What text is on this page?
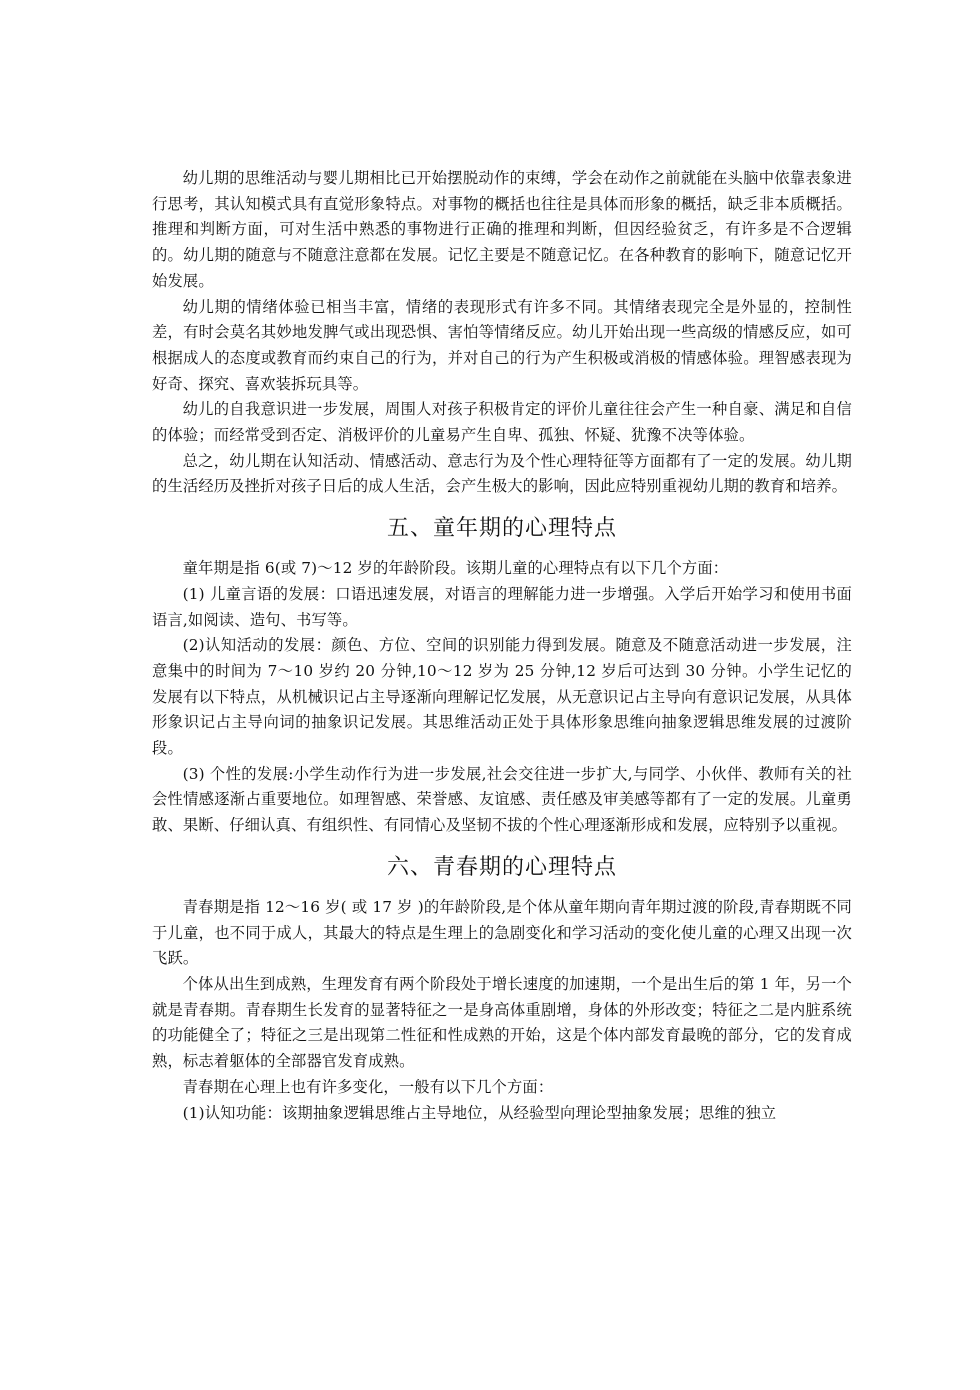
幼儿期的思维活动与婴儿期相比已开始摆脱动作的束缚，学会在动作之前就能在头脑中依靠表象进行思考，其认知模式具有直觉形象特点。对事物的概括也往往是具体而形象的概括，缺乏非本质概括。推理和判断方面，可对生活中熟悉的事物进行正确的推理和判断，但因经验贫乏，有许多是不合逻辑的。幼儿期的随意与不随意注意都在发展。记忆主要是不随意记忆。在各种教育的影响下，随意记忆开始发展。

幼儿期的情绪体验已相当丰富，情绪的表现形式有许多不同。其情绪表现完全是外显的，控制性差，有时会莫名其妙地发脾气或出现恐惧、害怕等情绪反应。幼儿开始出现一些高级的情感反应，如可根据成人的态度或教育而约束自己的行为，并对自己的行为产生积极或消极的情感体验。理智感表现为好奇、探究、喜欢装拆玩具等。

幼儿的自我意识进一步发展，周围人对孩子积极肯定的评价儿童往往会产生一种自豪、满足和自信的体验；而经常受到否定、消极评价的儿童易产生自卑、孤独、怀疑、犹豫不决等体验。

总之，幼儿期在认知活动、情感活动、意志行为及个性心理特征等方面都有了一定的发展。幼儿期的生活经历及挫折对孩子日后的成人生活，会产生极大的影响，因此应特别重视幼儿期的教育和培养。

五、童年期的心理特点

童年期是指 6(或 7)～12 岁的年龄阶段。该期儿童的心理特点有以下几个方面：

(1) 儿童言语的发展：口语迅速发展，对语言的理解能力进一步增强。入学后开始学习和使用书面语言,如阅读、造句、书写等。

(2)认知活动的发展：颜色、方位、空间的识别能力得到发展。随意及不随意活动进一步发展，注意集中的时间为 7～10 岁约 20 分钟,10～12 岁为 25 分钟,12 岁后可达到 30 分钟。小学生记忆的发展有以下特点，从机械识记占主导逐渐向理解记忆发展，从无意识记占主导向有意识记发展，从具体形象识记占主导向词的抽象识记发展。其思维活动正处于具体形象思维向抽象逻辑思维发展的过渡阶段。

(3) 个性的发展:小学生动作行为进一步发展,社会交往进一步扩大,与同学、小伙伴、教师有关的社会性情感逐渐占重要地位。如理智感、荣誉感、友谊感、责任感及审美感等都有了一定的发展。儿童勇敢、果断、仔细认真、有组织性、有同情心及坚韧不拔的个性心理逐渐形成和发展，应特别予以重视。

六、青春期的心理特点

青春期是指 12～16 岁( 或 17 岁 )的年龄阶段,是个体从童年期向青年期过渡的阶段,青春期既不同于儿童，也不同于成人，其最大的特点是生理上的急剧变化和学习活动的变化使儿童的心理又出现一次飞跃。

个体从出生到成熟，生理发育有两个阶段处于增长速度的加速期，一个是出生后的第 1 年，另一个就是青春期。青春期生长发育的显著特征之一是身高体重剧增，身体的外形改变；特征之二是内脏系统的功能健全了；特征之三是出现第二性征和性成熟的开始，这是个体内部发育最晚的部分，它的发育成熟，标志着躯体的全部器官发育成熟。

青春期在心理上也有许多变化，一般有以下几个方面：

(1)认知功能：该期抽象逻辑思维占主导地位，从经验型向理论型抽象发展；思维的独立
